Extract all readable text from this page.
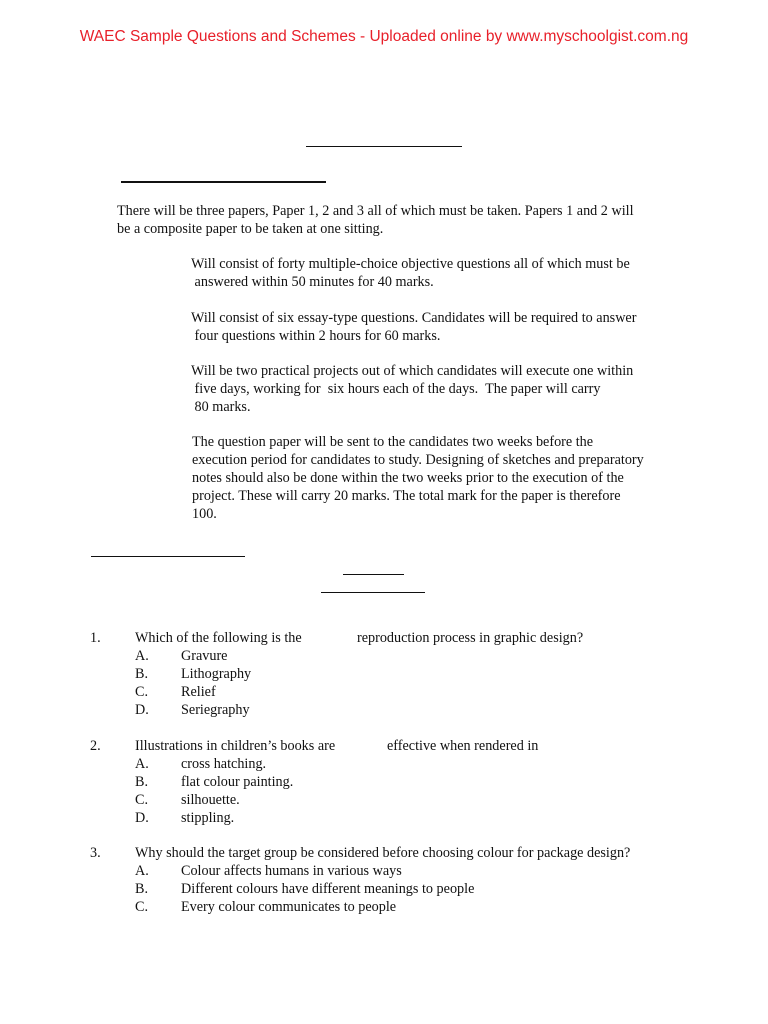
WAEC Sample Questions and Schemes - Uploaded online by www.myschoolgist.com.ng
There will be three papers, Paper 1, 2 and 3 all of which must be taken. Papers 1 and 2 will
be a composite paper to be taken at one sitting.
Will consist of forty multiple-choice objective questions all of which must be
answered within 50 minutes for 40 marks.
Will consist of six essay-type questions. Candidates will be required to answer
four questions within 2 hours for 60 marks.
Will be two practical projects out of which candidates will execute one within
five days, working for  six hours each of the days.  The paper will carry
80 marks.
The question paper will be sent to the candidates two weeks before the
execution period for candidates to study. Designing of sketches and preparatory
notes should also be done within the two weeks prior to the execution of the
project. These will carry 20 marks. The total mark for the paper is therefore
100.
1. Which of the following is the	reproduction process in graphic design?
A. Gravure
B. Lithography
C. Relief
D. Seriegraphy
2. Illustrations in children’s books are	effective when rendered in
A. cross hatching.
B. flat colour painting.
C. silhouette.
D. stippling.
3. Why should the target group be considered before choosing colour for package design?
A. Colour affects humans in various ways
B. Different colours have different meanings to people
C. Every colour communicates to people
